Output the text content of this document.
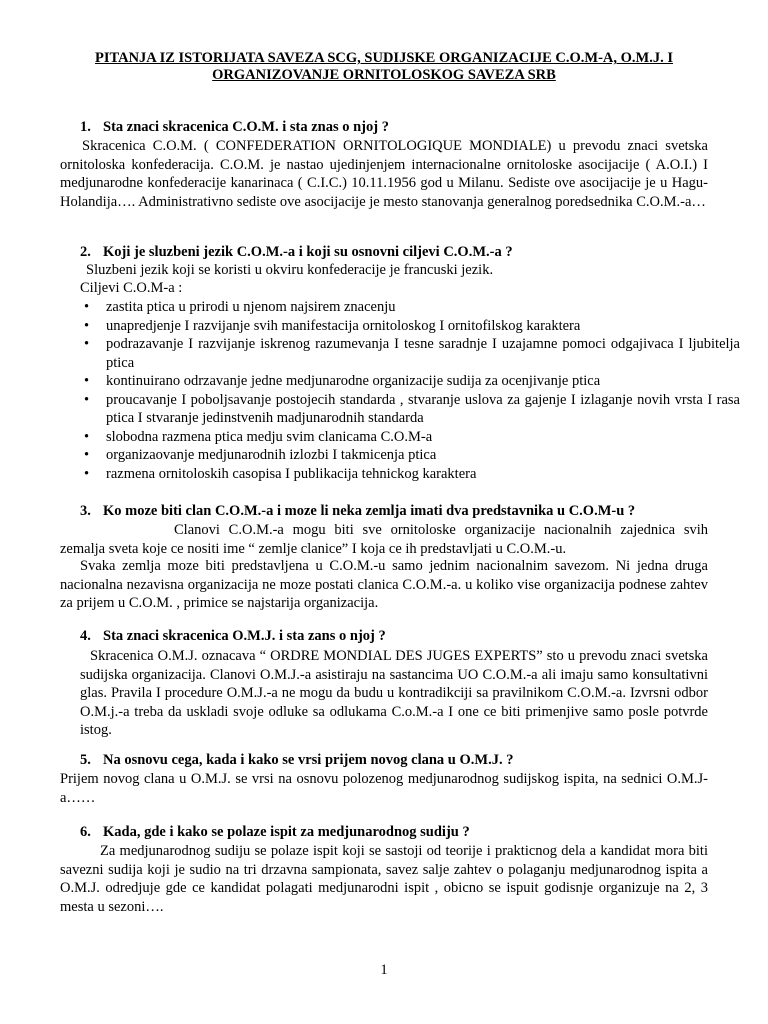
PITANJA IZ ISTORIJATA SAVEZA SCG, SUDIJSKE ORGANIZACIJE C.O.M-A, O.M.J. I ORGANIZOVANJE ORNITOLOSKOG SAVEZA SRB
1. Sta znaci skracenica C.O.M. i sta znas o njoj ?
Skracenica C.O.M. ( CONFEDERATION ORNITOLOGIQUE MONDIALE) u prevodu znaci svetska ornitoloska konfederacija. C.O.M. je nastao ujedinjenjem internacionalne ornitoloske asocijacije ( A.O.I.) I medjunarodne konfederacije kanarinaca ( C.I.C.) 10.11.1956 god u Milanu. Sediste ove asocijacije je u Hagu- Holandija…. Administrativno sediste ove asocijacije je mesto stanovanja generalnog poredsednika C.O.M.-a…
2. Koji je sluzbeni jezik C.O.M.-a i koji su osnovni ciljevi C.O.M.-a ?
Sluzbeni jezik koji se koristi u okviru konfederacije je francuski jezik.
Ciljevi C.O.M-a :
• zastita ptica u prirodi u njenom najsirem znacenju
• unapredjenje I razvijanje svih manifestacija ornitoloskog I ornitofilskog karaktera
• podrazavanje I razvijanje iskrenog razumevanja I tesne saradnje I uzajamne pomoci odgajivaca I ljubitelja ptica
• kontinuirano odrzavanje jedne medjunarodne organizacije sudija za ocenjivanje ptica
• proucavanje I poboljsavanje postojecih standarda , stvaranje uslova za gajenje I izlaganje novih vrsta I rasa ptica I stvaranje jedinstvenih madjunarodnih standarda
• slobodna razmena ptica medju svim clanicama C.O.M-a
• organizaovanje medjunarodnih izlozbi I takmicenja ptica
• razmena ornitoloskih casopisa I publikacija tehnickog karaktera
3. Ko moze biti clan C.O.M.-a i moze li neka zemlja imati dva predstavnika u C.O.M-u ?
Clanovi C.O.M.-a mogu biti sve ornitoloske organizacije nacionalnih zajednica svih zemalja sveta koje ce nositi ime “ zemlje clanice” I koja ce ih predstavljati u C.O.M.-u.
Svaka zemlja moze biti predstavljena u C.O.M.-u samo jednim nacionalnim savezom. Ni jedna druga nacionalna nezavisna organizacija ne moze postati clanica C.O.M.-a. u koliko vise organizacija podnese zahtev za prijem u C.O.M. , primice se najstarija organizacija.
4. Sta znaci skracenica O.M.J. i sta zans o njoj ?
Skracenica O.M.J. oznacava “ ORDRE MONDIAL DES JUGES EXPERTS” sto u prevodu znaci svetska sudijska organizacija. Clanovi O.M.J.-a asistiraju na sastancima UO C.O.M.-a ali imaju samo konsultativni glas. Pravila I procedure O.M.J.-a ne mogu da budu u kontradikciji sa pravilnikom C.O.M.-a. Izvrsni odbor O.M.j.-a treba da uskladi svoje odluke sa odlukama C.o.M.-a I one ce biti primenjive samo posle potvrde istog.
5. Na osnovu cega, kada i kako se vrsi prijem novog clana u O.M.J. ?
Prijem novog clana u O.M.J. se vrsi na osnovu polozenog medjunarodnog sudijskog ispita, na sednici O.M.J-a……
6. Kada, gde i kako se polaze ispit za medjunarodnog sudiju ?
Za medjunarodnog sudiju se polaze ispit koji se sastoji od teorije i prakticnog dela a kandidat mora biti savezni sudija koji je sudio na tri drzavna sampionata, savez salje zahtev o polaganju medjunarodnog ispita a O.M.J. odredjuje gde ce kandidat polagati medjunarodni ispit , obicno se ispuit godisnje organizuje na 2, 3 mesta u sezoni….
1
